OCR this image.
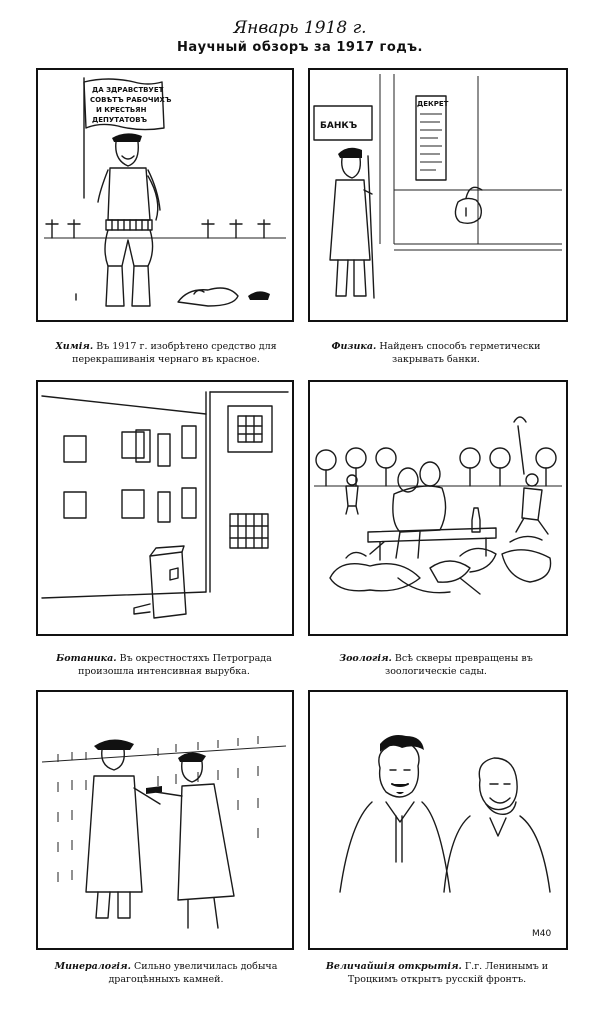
Январь 1918 г.
Научный обзоръ за 1917 годъ.
ДА ЗДРАВСТВУЕТ
СОВѢТЪ РАБОЧИХЪ
И КРЕСТЬЯН
ДЕПУТАТОВЪ
Химія. Въ 1917 г. изобрѣтено средство для перекрашиванія чернаго въ красное.
БАНКЪ
ДЕКРЕТ
Физика. Найденъ способъ герметически закрывать банки.
Ботаника. Въ окрестностяхъ Петрограда произошла интенсивная вырубка.
Зоологія. Всѣ скверы превращены въ зоологическіе сады.
Минералогія. Сильно увеличилась добыча драгоцѣнныхъ камней.
М40
Величайшія открытія. Г.г. Ленинымъ и Троцкимъ открытъ русскій фронтъ.
